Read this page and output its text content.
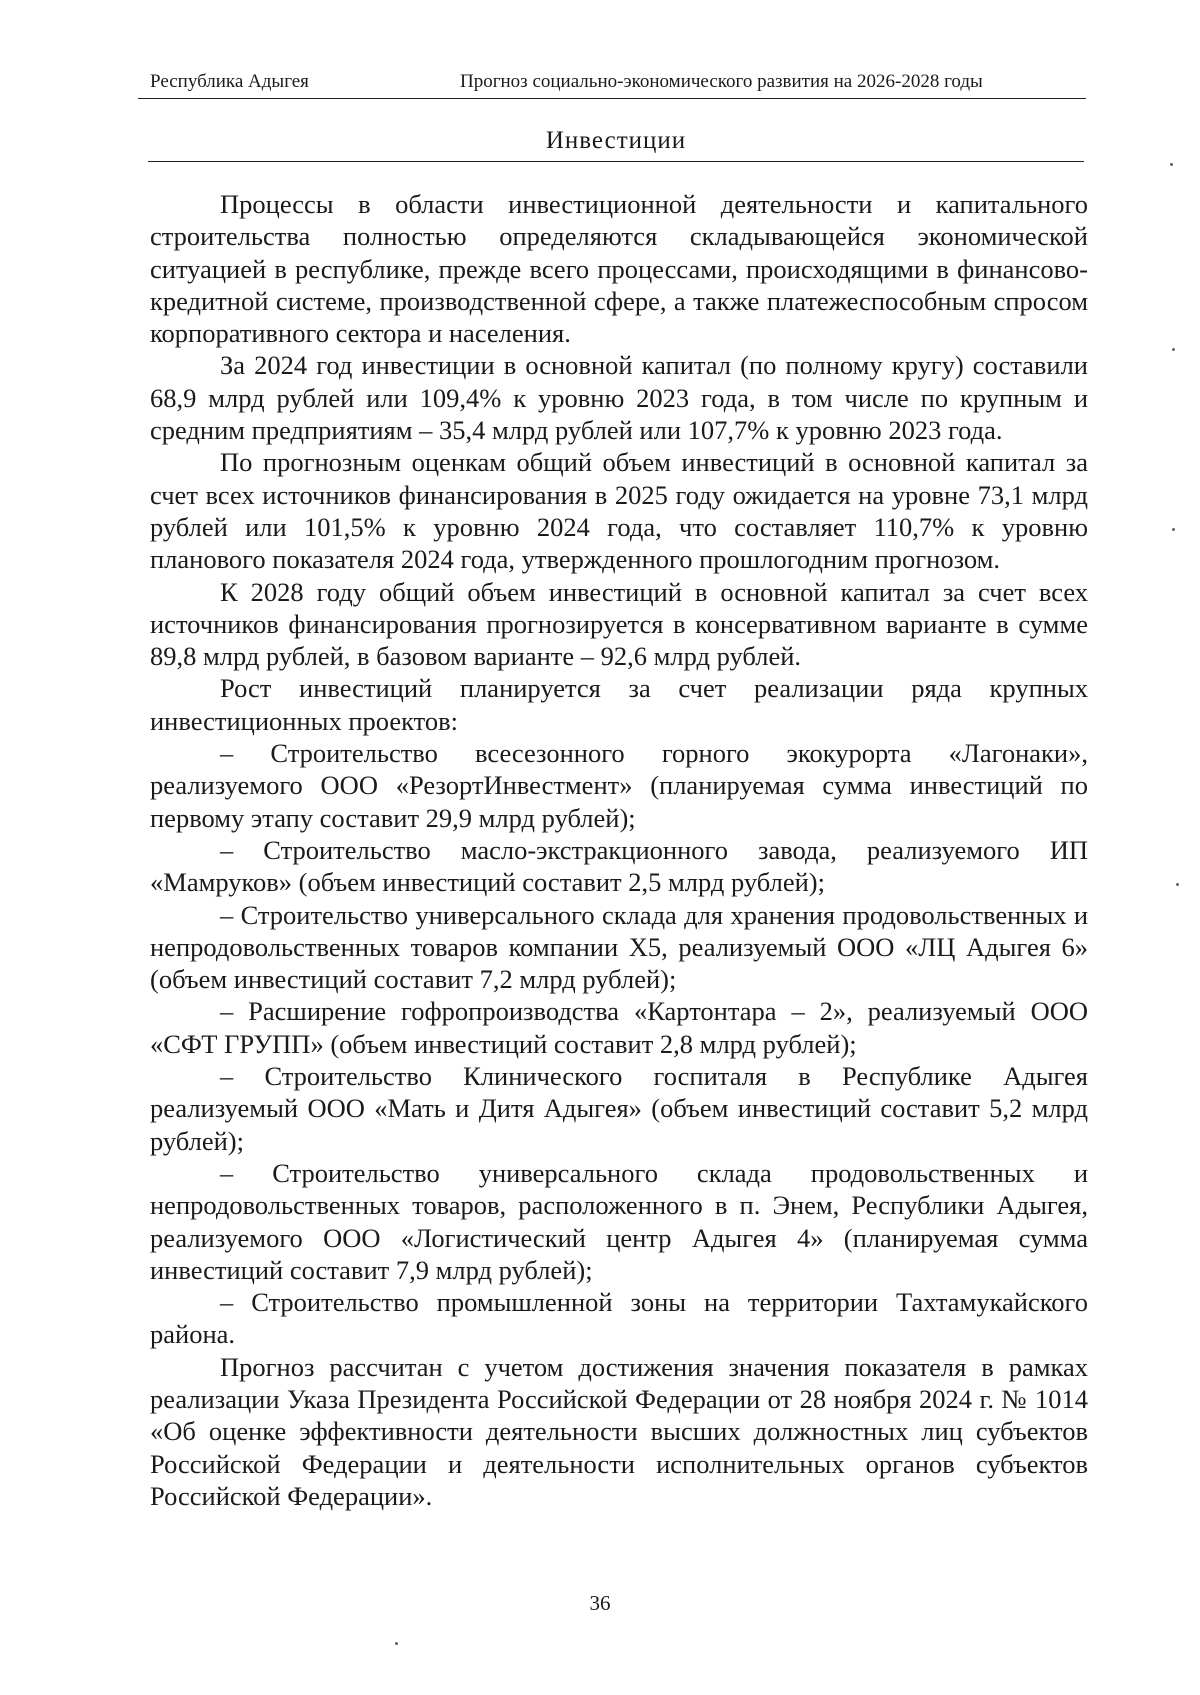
Республика Адыгея	Прогноз социально-экономического развития на 2026-2028 годы
Инвестиции

Процессы в области инвестиционной деятельности и капитального строительства полностью определяются складывающейся экономической ситуацией в республике, прежде всего процессами, происходящими в финансово-кредитной системе, производственной сфере, а также платежеспособным спросом корпоративного сектора и населения.

За 2024 год инвестиции в основной капитал (по полному кругу) составили 68,9 млрд рублей или 109,4% к уровню 2023 года, в том числе по крупным и средним предприятиям – 35,4 млрд рублей или 107,7% к уровню 2023 года.

По прогнозным оценкам общий объем инвестиций в основной капитал за счет всех источников финансирования в 2025 году ожидается на уровне 73,1 млрд рублей или 101,5% к уровню 2024 года, что составляет 110,7% к уровню планового показателя 2024 года, утвержденного прошлогодним прогнозом.

К 2028 году общий объем инвестиций в основной капитал за счет всех источников финансирования прогнозируется в консервативном варианте в сумме 89,8 млрд рублей, в базовом варианте – 92,6 млрд рублей.

Рост инвестиций планируется за счет реализации ряда крупных инвестиционных проектов:

– Строительство всесезонного горного экокурорта «Лагонаки», реализуемого ООО «РезортИнвестмент» (планируемая сумма инвестиций по первому этапу составит 29,9 млрд рублей);

– Строительство масло-экстракционного завода, реализуемого ИП «Мамруков» (объем инвестиций составит 2,5 млрд рублей);

– Строительство универсального склада для хранения продовольственных и непродовольственных товаров компании X5, реализуемый ООО «ЛЦ Адыгея 6» (объем инвестиций составит 7,2 млрд рублей);

– Расширение гофропроизводства «Картонтара – 2», реализуемый ООО «СФТ ГРУПП» (объем инвестиций составит 2,8 млрд рублей);

– Строительство Клинического госпиталя в Республике Адыгея реализуемый ООО «Мать и Дитя Адыгея» (объем инвестиций составит 5,2 млрд рублей);

– Строительство универсального склада продовольственных и непродовольственных товаров, расположенного в п. Энем, Республики Адыгея, реализуемого ООО «Логистический центр Адыгея 4» (планируемая сумма инвестиций составит 7,9 млрд рублей);

– Строительство промышленной зоны на территории Тахтамукайского района.

Прогноз рассчитан с учетом достижения значения показателя в рамках реализации Указа Президента Российской Федерации от 28 ноября 2024 г. № 1014 «Об оценке эффективности деятельности высших должностных лиц субъектов Российской Федерации и деятельности исполнительных органов субъектов Российской Федерации».

36
